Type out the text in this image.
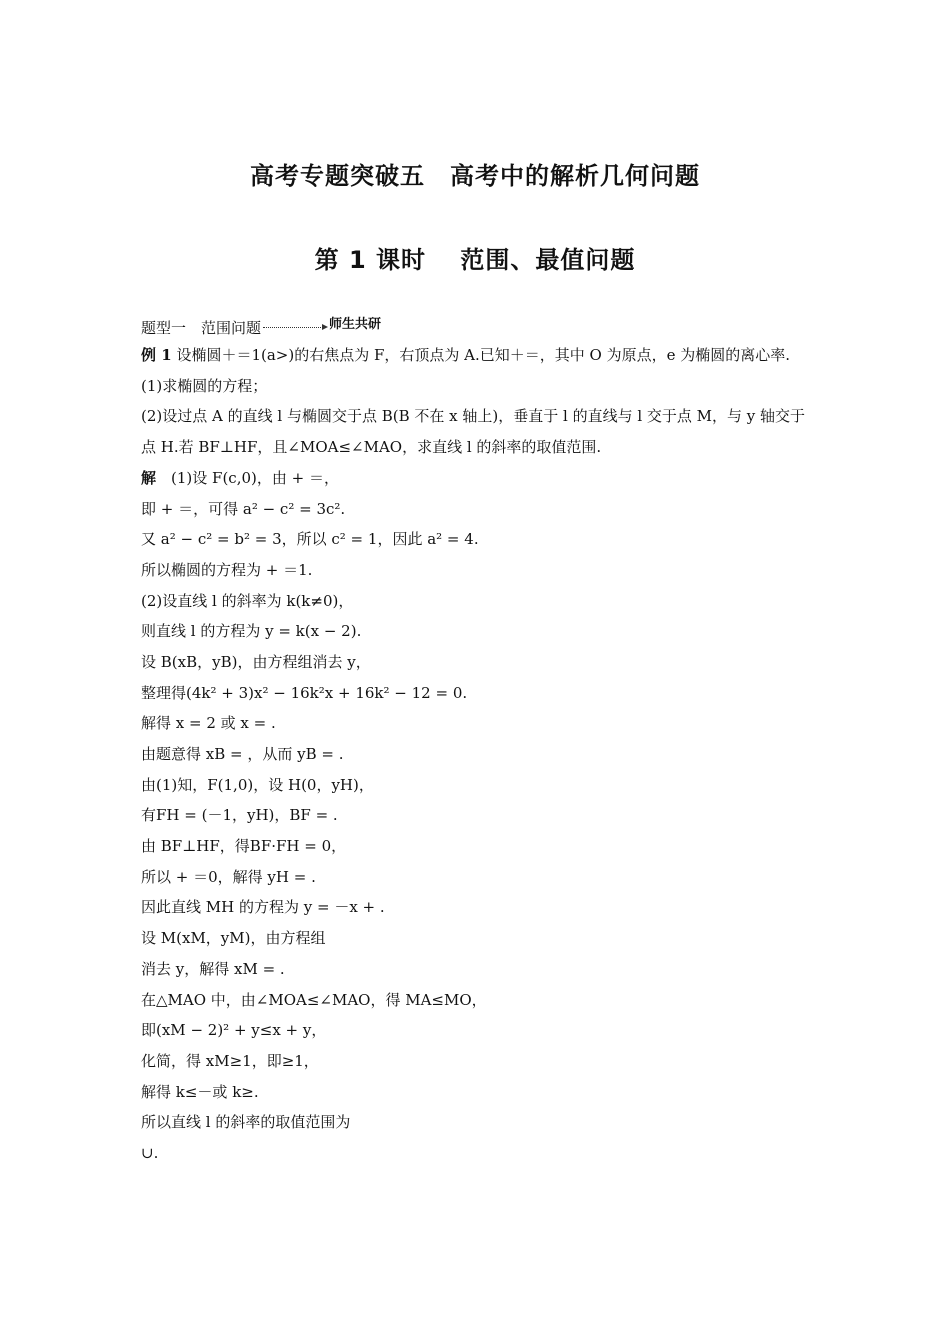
高考专题突破五　高考中的解析几何问题
第 1 课时　 范围、最值问题
题型一　范围问题	师生共研
例 1 设椭圆＋＝1(a>)的右焦点为 F，右顶点为 A.已知＋＝，其中 O 为原点，e 为椭圆的离心率.
(1)求椭圆的方程；
(2)设过点 A 的直线 l 与椭圆交于点 B(B 不在 x 轴上)，垂直于 l 的直线与 l 交于点 M，与 y 轴交于点 H.若 BF⊥HF，且∠MOA≤∠MAO，求直线 l 的斜率的取值范围.
解　(1)设 F(c,0)，由 + ＝，
即 + ＝，可得 a² − c² = 3c².
又 a² − c² = b² = 3，所以 c² = 1，因此 a² = 4.
所以椭圆的方程为 + ＝1.
(2)设直线 l 的斜率为 k(k≠0)，
则直线 l 的方程为 y = k(x − 2).
设 B(xB，yB)，由方程组消去 y，
整理得(4k² + 3)x² − 16k²x + 16k² − 12 = 0.
解得 x = 2 或 x = .
由题意得 xB = ，从而 yB = .
由(1)知，F(1,0)，设 H(0，yH)，
有FH = (－1，yH)，BF = .
由 BF⊥HF，得BF·FH = 0，
所以 + ＝0，解得 yH = .
因此直线 MH 的方程为 y = －x + .
设 M(xM，yM)，由方程组
消去 y，解得 xM = .
在△MAO 中，由∠MOA≤∠MAO，得 MA≤MO，
即(xM − 2)² + y≤x + y，
化简，得 xM≥1，即≥1，
解得 k≤－或 k≥.
所以直线 l 的斜率的取值范围为
∪.
